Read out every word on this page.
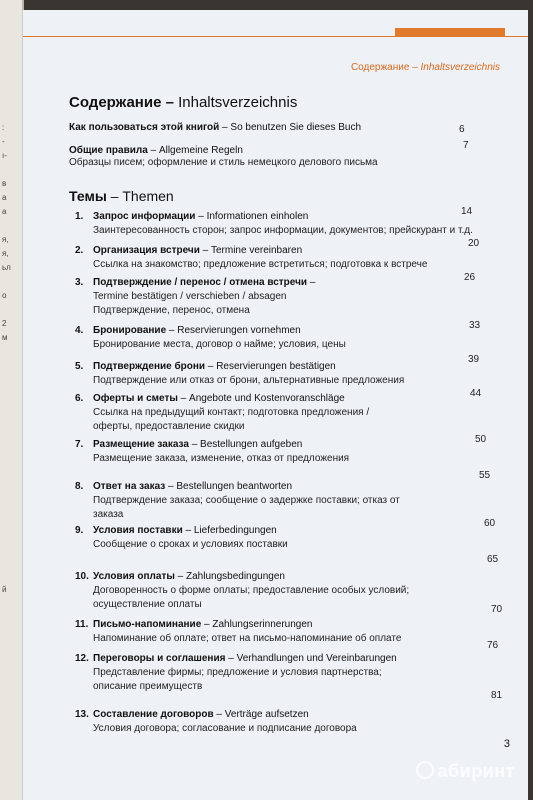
:
-
ı-
в
а
а
я,
я,
ьл
о
2
м
й
Содержание – Inhaltsverzeichnis
Содержание – Inhaltsverzeichnis
Как пользоваться этой книгой – So benutzen Sie dieses Buch	6
Общие правила – Allgemeine Regeln
Образцы писем; оформление и стиль немецкого делового письма
7
Темы – Themen
1. Запрос информации – Informationen einholen
Заинтересованность сторон; запрос информации, документов; прейскурант и т.д.
14
2. Организация встречи – Termine vereinbaren
Ссылка на знакомство; предложение встретиться; подготовка к встрече
20
3. Подтверждение / перенос / отмена встречи –
Termine bestätigen / verschieben / absagen
Подтверждение, перенос, отмена
26
4. Бронирование – Reservierungen vornehmen
Бронирование места, договор о найме; условия, цены
33
5. Подтверждение брони – Reservierungen bestätigen
Подтверждение или отказ от брони, альтернативные предложения
39
6. Оферты и сметы – Angebote und Kostenvoranschläge
Ссылка на предыдущий контакт; подготовка предложения /
оферты, предоставление скидки
44
7. Размещение заказа – Bestellungen aufgeben
Размещение заказа, изменение, отказ от предложения
50
8. Ответ на заказ – Bestellungen beantworten
Подтверждение заказа; сообщение о задержке поставки; отказ от
заказа
55
9. Условия поставки – Lieferbedingungen
Сообщение о сроках и условиях поставки
60
10. Условия оплаты – Zahlungsbedingungen
Договоренность о форме оплаты; предоставление особых условий;
осуществление оплаты
65
11. Письмо-напоминание – Zahlungserinnerungen
Напоминание об оплате; ответ на письмо-напоминание об оплате
70
12. Переговоры и соглашения – Verhandlungen und Vereinbarungen
Представление фирмы; предложение и условия партнерства;
описание преимуществ
76
13. Составление договоров – Verträge aufsetzen
Условия договора; согласование и подписание договора
81
3
абиринт
